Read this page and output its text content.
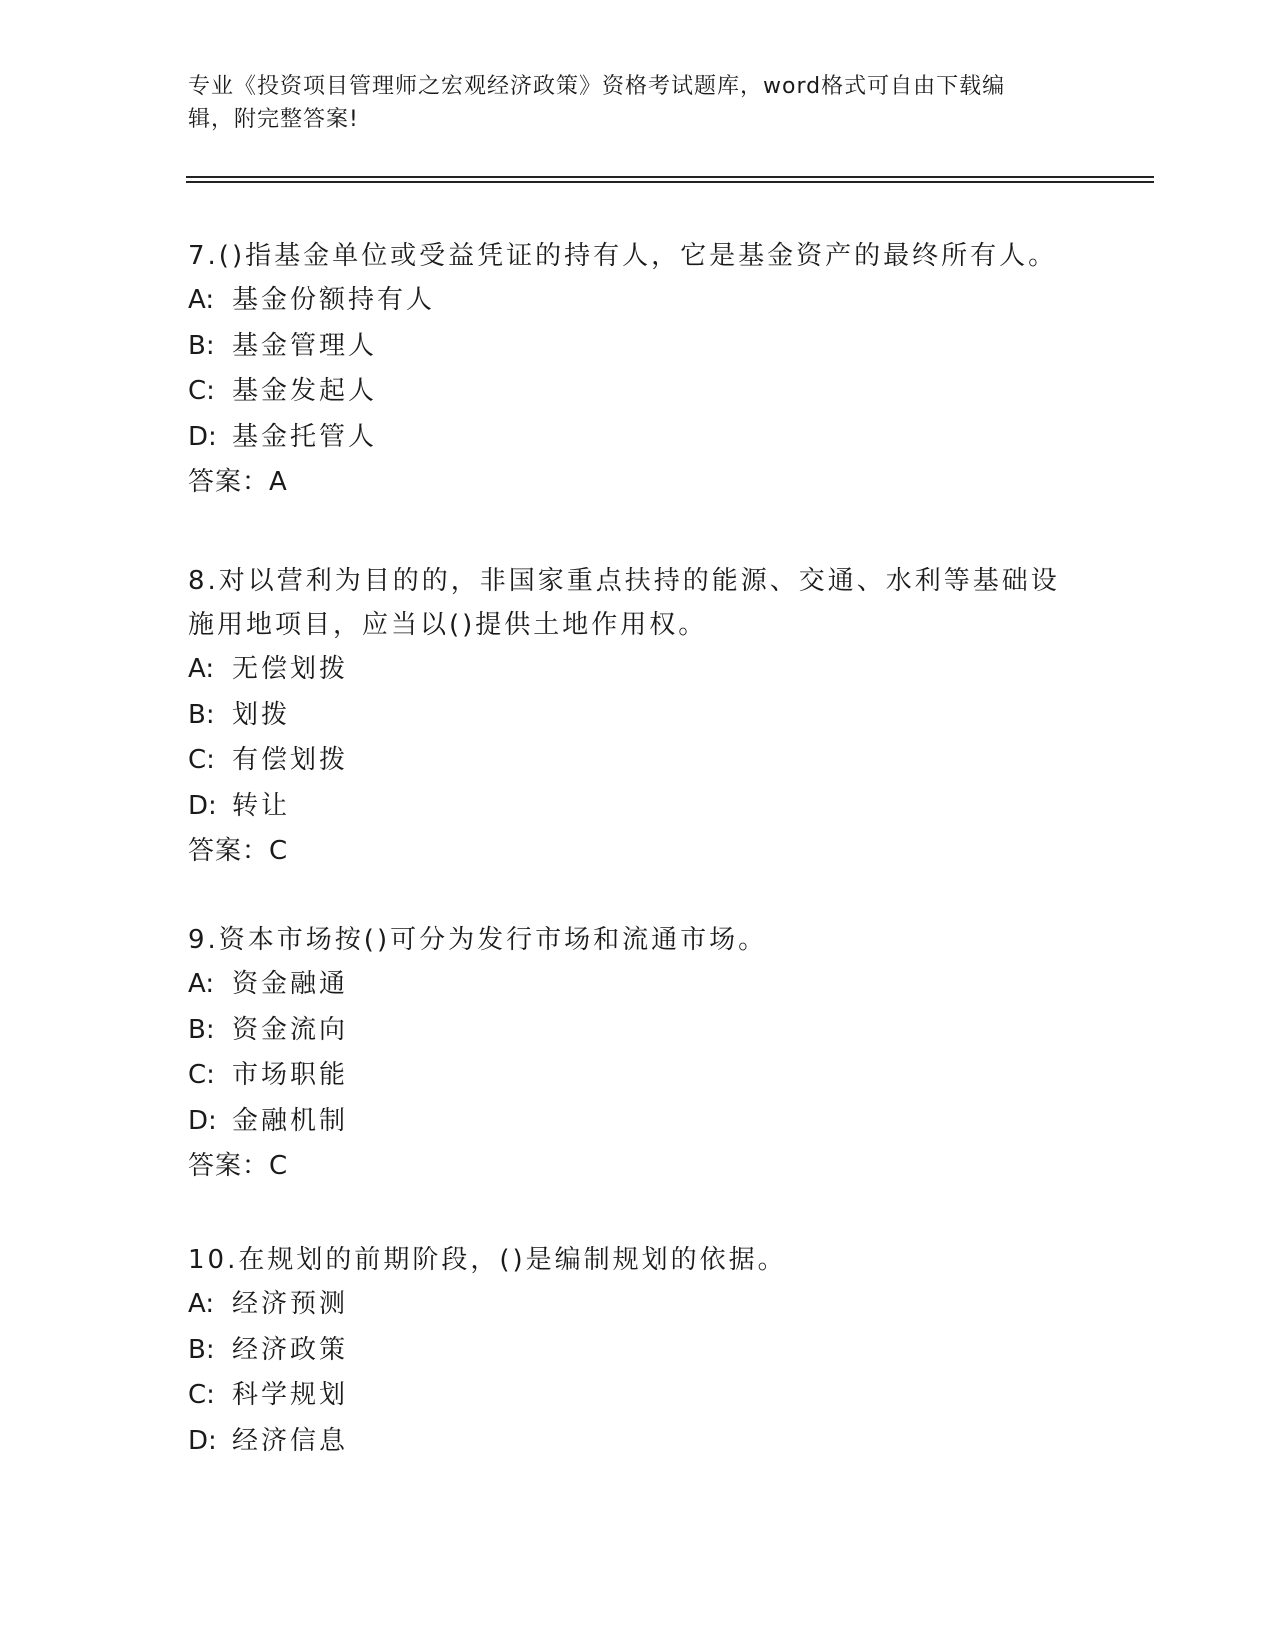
专业《投资项目管理师之宏观经济政策》资格考试题库，word格式可自由下载编
辑，附完整答案!

7.()指基金单位或受益凭证的持有人，它是基金资产的最终所有人。

A: 基金份额持有人

B: 基金管理人

C: 基金发起人

D: 基金托管人

答案：A

8.对以营利为目的的，非国家重点扶持的能源、交通、水利等基础设

施用地项目，应当以()提供土地作用权。

A: 无偿划拨

B: 划拨

C: 有偿划拨

D: 转让

答案：C

9.资本市场按()可分为发行市场和流通市场。

A: 资金融通

B: 资金流向

C: 市场职能

D: 金融机制

答案：C

10.在规划的前期阶段，()是编制规划的依据。

A: 经济预测

B: 经济政策

C: 科学规划

D: 经济信息
